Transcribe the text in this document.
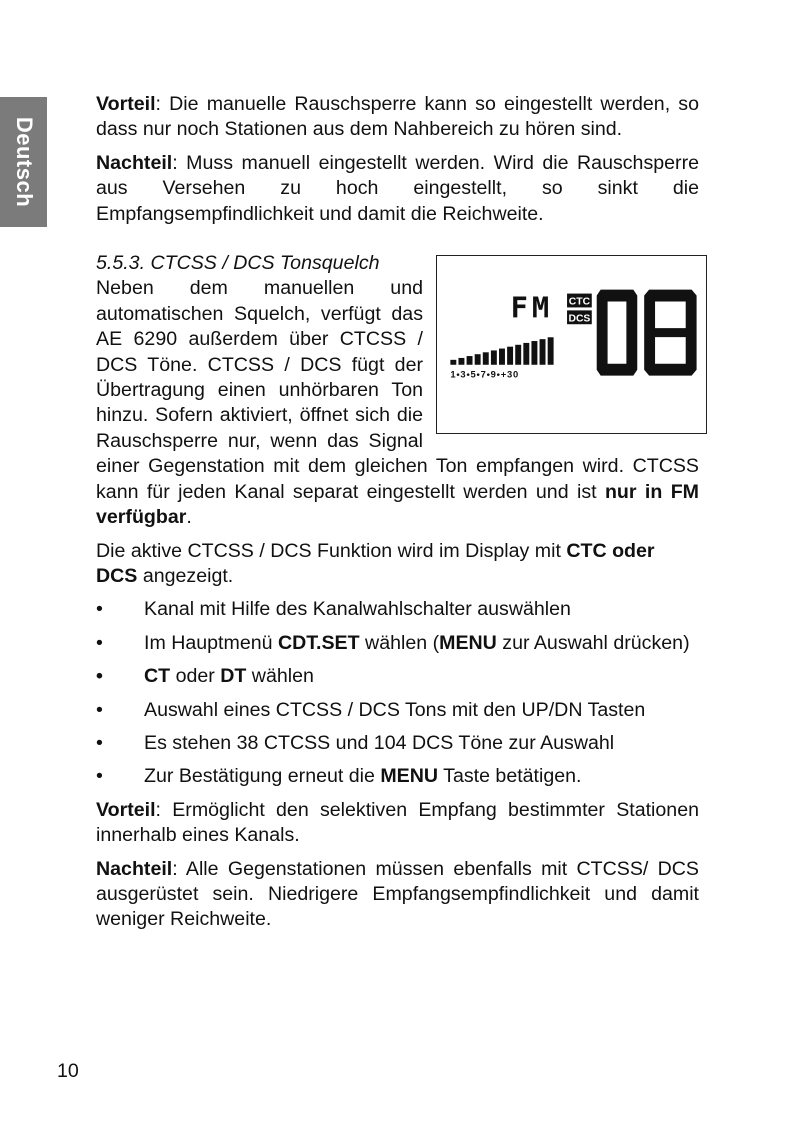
Deutsch

Vorteil: Die manuelle Rauschsperre kann so eingestellt werden, so dass nur noch Stationen aus dem Nahbereich zu hören sind.

Nachteil: Muss manuell eingestellt werden. Wird die Rauschsperre aus Versehen zu hoch eingestellt, so sinkt die Empfangsempfindlichkeit und damit die Reichweite.

FM CTC
DCS
1•3•5•7•9•+30

5.5.3. CTCSS / DCS Tonsquelch

Neben dem manuellen und automatischen Squelch, verfügt das AE 6290 außerdem über CTCSS / DCS Töne. CTCSS / DCS fügt der Übertragung einen unhörbaren Ton hinzu. Sofern aktiviert, öffnet sich die Rauschsperre nur, wenn das Signal einer Gegenstation mit dem gleichen Ton empfangen wird. CTCSS kann für jeden Kanal separat eingestellt werden und ist nur in FM verfügbar.

Die aktive CTCSS / DCS Funktion wird im Display mit CTC oder DCS angezeigt.

• Kanal mit Hilfe des Kanalwahlschalter auswählen
• Im Hauptmenü CDT.SET wählen (MENU zur Auswahl drücken)
• CT oder DT wählen
• Auswahl eines CTCSS / DCS Tons mit den UP/DN Tasten
• Es stehen 38 CTCSS und 104 DCS Töne zur Auswahl
• Zur Bestätigung erneut die MENU Taste betätigen.

Vorteil: Ermöglicht den selektiven Empfang bestimmter Stationen innerhalb eines Kanals.

Nachteil: Alle Gegenstationen müssen ebenfalls mit CTCSS/ DCS ausgerüstet sein. Niedrigere Empfangsempfindlichkeit und damit weniger Reichweite.

10
